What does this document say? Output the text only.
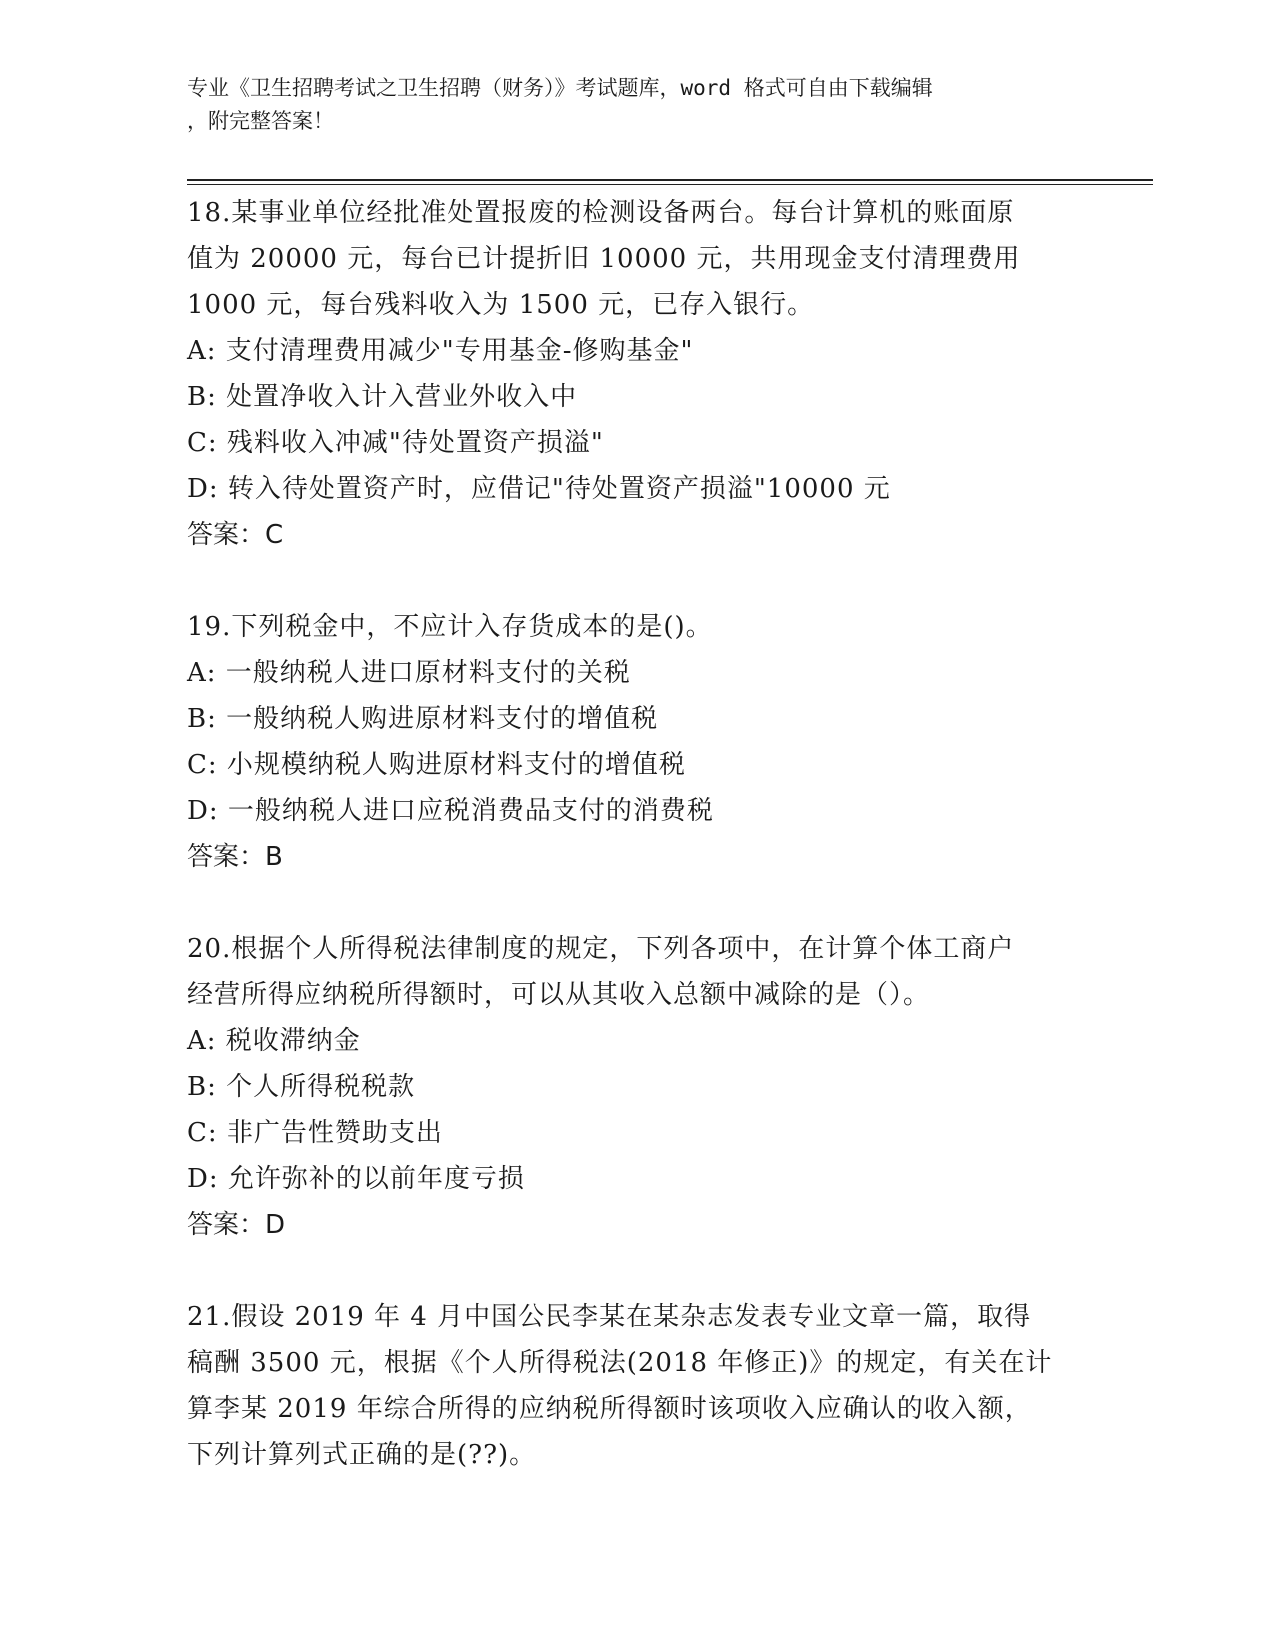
专业《卫生招聘考试之卫生招聘（财务）》考试题库，word 格式可自由下载编辑
，附完整答案！

18.某事业单位经批准处置报废的检测设备两台。每台计算机的账面原

值为 20000 元，每台已计提折旧 10000 元，共用现金支付清理费用

1000 元，每台残料收入为 1500 元，已存入银行。

A: 支付清理费用减少"专用基金-修购基金"

B: 处置净收入计入营业外收入中

C: 残料收入冲减"待处置资产损溢"

D: 转入待处置资产时，应借记"待处置资产损溢"10000 元

答案：C

19.下列税金中，不应计入存货成本的是()。

A: 一般纳税人进口原材料支付的关税

B: 一般纳税人购进原材料支付的增值税

C: 小规模纳税人购进原材料支付的增值税

D: 一般纳税人进口应税消费品支付的消费税

答案：B

20.根据个人所得税法律制度的规定，下列各项中，在计算个体工商户

经营所得应纳税所得额时，可以从其收入总额中减除的是（）。

A: 税收滞纳金

B: 个人所得税税款

C: 非广告性赞助支出

D: 允许弥补的以前年度亏损

答案：D

21.假设 2019 年 4 月中国公民李某在某杂志发表专业文章一篇，取得

稿酬 3500 元，根据《个人所得税法(2018 年修正)》的规定，有关在计

算李某 2019 年综合所得的应纳税所得额时该项收入应确认的收入额，

下列计算列式正确的是(??)。
